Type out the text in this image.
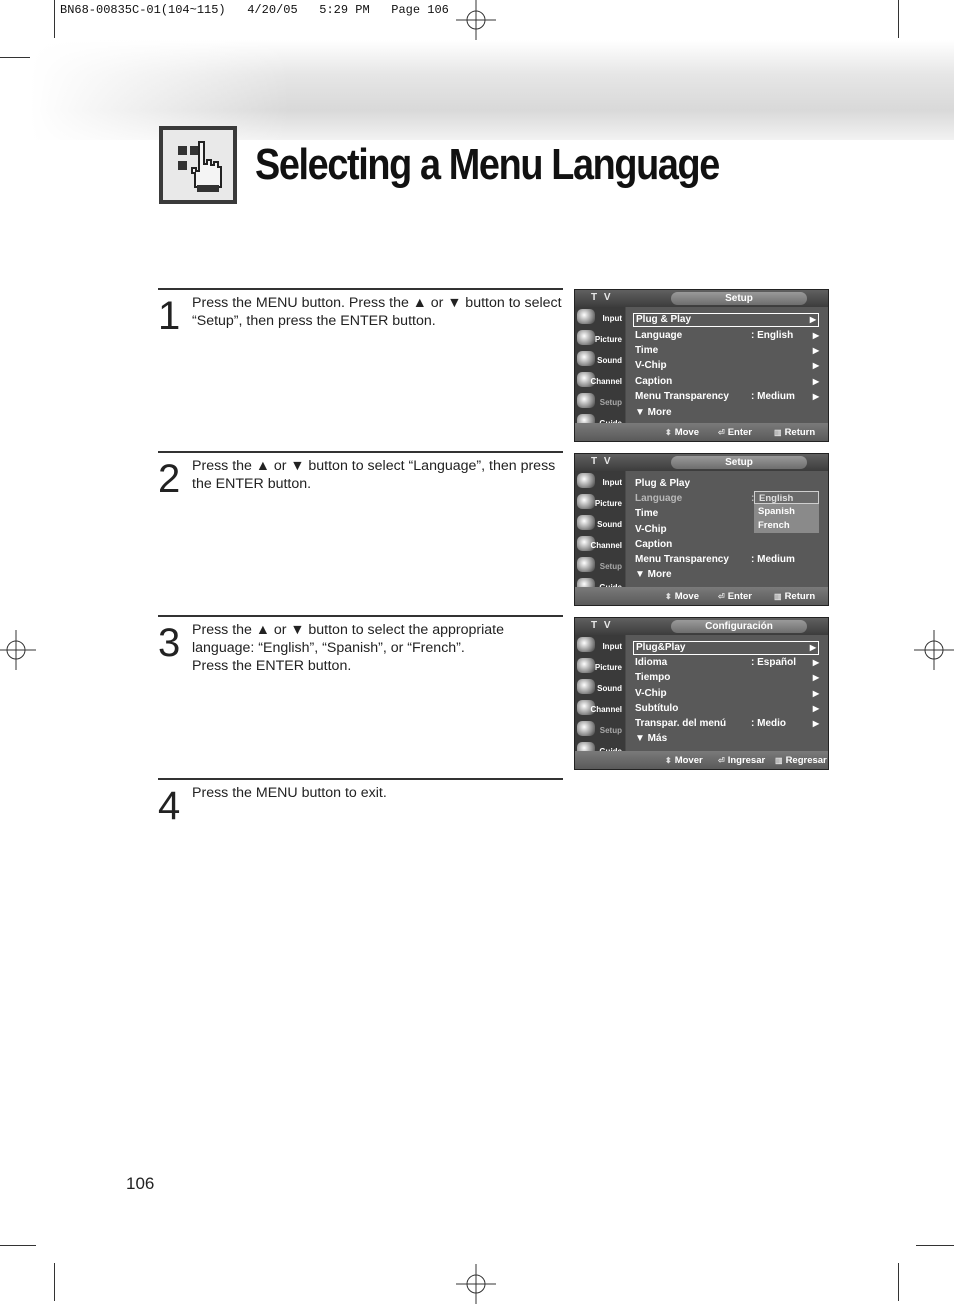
BN68-00835C-01(104~115)   4/20/05   5:29 PM   Page 106
Selecting a Menu Language
1 Press the MENU button. Press the ▲ or ▼ button to select
“Setup”, then press the ENTER button.
2 Press the ▲ or ▼ button to select “Language”, then press
the ENTER button.
3 Press the ▲ or ▼ button to select the appropriate
language: “English”, “Spanish”, or “French”.
Press the ENTER button.
4 Press the MENU button to exit.
T V	Setup
Input
Picture
Sound
Channel
Setup
Plug & Play	▶
Language	: English ▶
Time	▶
V-Chip	▶
Caption	▶
Menu Transparency : Medium ▶
▼ More
⬍ Move ⏎ Enter	▥ Return
T V	Setup
Input
Picture
Sound
Channel
Setup
Plug & Play
Language	:
Time
V-Chip
Caption
Menu Transparency : Medium
▼ More
English
Spanish
French
⬍ Move ⏎ Enter	▥ Return
T V	Configuración
Input
Picture
Sound
Channel
Setup
Plug&Play	▶
Idioma	: Español ▶
Tiempo	▶
V-Chip	▶
Subtítulo	▶
Transpar. del menú : Medio	▶
▼ Más
⬍ Mover ⏎ Ingresar ▥ Regresar
106
